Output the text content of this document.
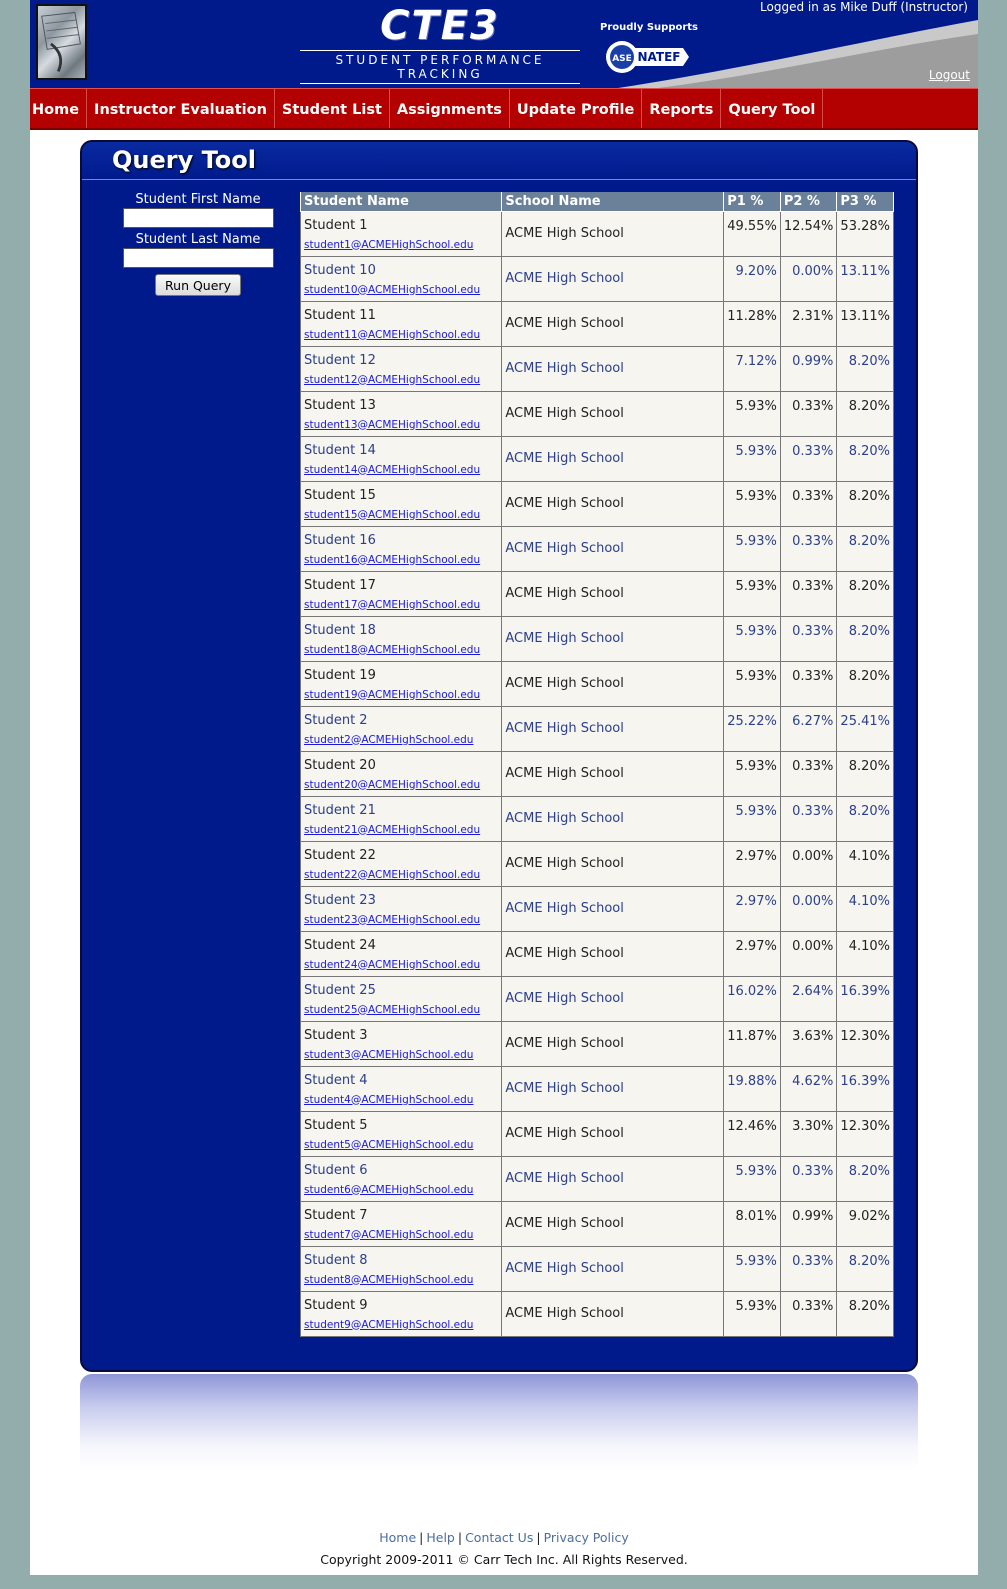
CTE3
STUDENT PERFORMANCE TRACKING
Proudly Supports
ASE NATEF
Logged in as Mike Duff (Instructor)
Logout
Home	Instructor Evaluation	Student List	Assignments	Update Profile	Reports	Query Tool
Query Tool
Student First Name
Student Last Name

Run Query
Student Name	School Name	P1 %	P2 %	P3 %

Student 1
student1@ACMEHighSchool.edu	ACME High School	49.55%	12.54%	53.28%

Student 10
student10@ACMEHighSchool.edu	ACME High School	9.20%	0.00%	13.11%

Student 11
student11@ACMEHighSchool.edu	ACME High School	11.28%	2.31%	13.11%

Student 12
student12@ACMEHighSchool.edu	ACME High School	7.12%	0.99%	8.20%

Student 13
student13@ACMEHighSchool.edu	ACME High School	5.93%	0.33%	8.20%

Student 14
student14@ACMEHighSchool.edu	ACME High School	5.93%	0.33%	8.20%

Student 15
student15@ACMEHighSchool.edu	ACME High School	5.93%	0.33%	8.20%

Student 16
student16@ACMEHighSchool.edu	ACME High School	5.93%	0.33%	8.20%

Student 17
student17@ACMEHighSchool.edu	ACME High School	5.93%	0.33%	8.20%

Student 18
student18@ACMEHighSchool.edu	ACME High School	5.93%	0.33%	8.20%

Student 19
student19@ACMEHighSchool.edu	ACME High School	5.93%	0.33%	8.20%

Student 2
student2@ACMEHighSchool.edu	ACME High School	25.22%	6.27%	25.41%

Student 20
student20@ACMEHighSchool.edu	ACME High School	5.93%	0.33%	8.20%

Student 21
student21@ACMEHighSchool.edu	ACME High School	5.93%	0.33%	8.20%

Student 22
student22@ACMEHighSchool.edu	ACME High School	2.97%	0.00%	4.10%

Student 23
student23@ACMEHighSchool.edu	ACME High School	2.97%	0.00%	4.10%

Student 24
student24@ACMEHighSchool.edu	ACME High School	2.97%	0.00%	4.10%

Student 25
student25@ACMEHighSchool.edu	ACME High School	16.02%	2.64%	16.39%

Student 3
student3@ACMEHighSchool.edu	ACME High School	11.87%	3.63%	12.30%

Student 4
student4@ACMEHighSchool.edu	ACME High School	19.88%	4.62%	16.39%

Student 5
student5@ACMEHighSchool.edu	ACME High School	12.46%	3.30%	12.30%

Student 6
student6@ACMEHighSchool.edu	ACME High School	5.93%	0.33%	8.20%

Student 7
student7@ACMEHighSchool.edu	ACME High School	8.01%	0.99%	9.02%

Student 8
student8@ACMEHighSchool.edu	ACME High School	5.93%	0.33%	8.20%

Student 9
student9@ACMEHighSchool.edu	ACME High School	5.93%	0.33%	8.20%
Home | Help | Contact Us | Privacy Policy
Copyright 2009-2011 © Carr Tech Inc. All Rights Reserved.
